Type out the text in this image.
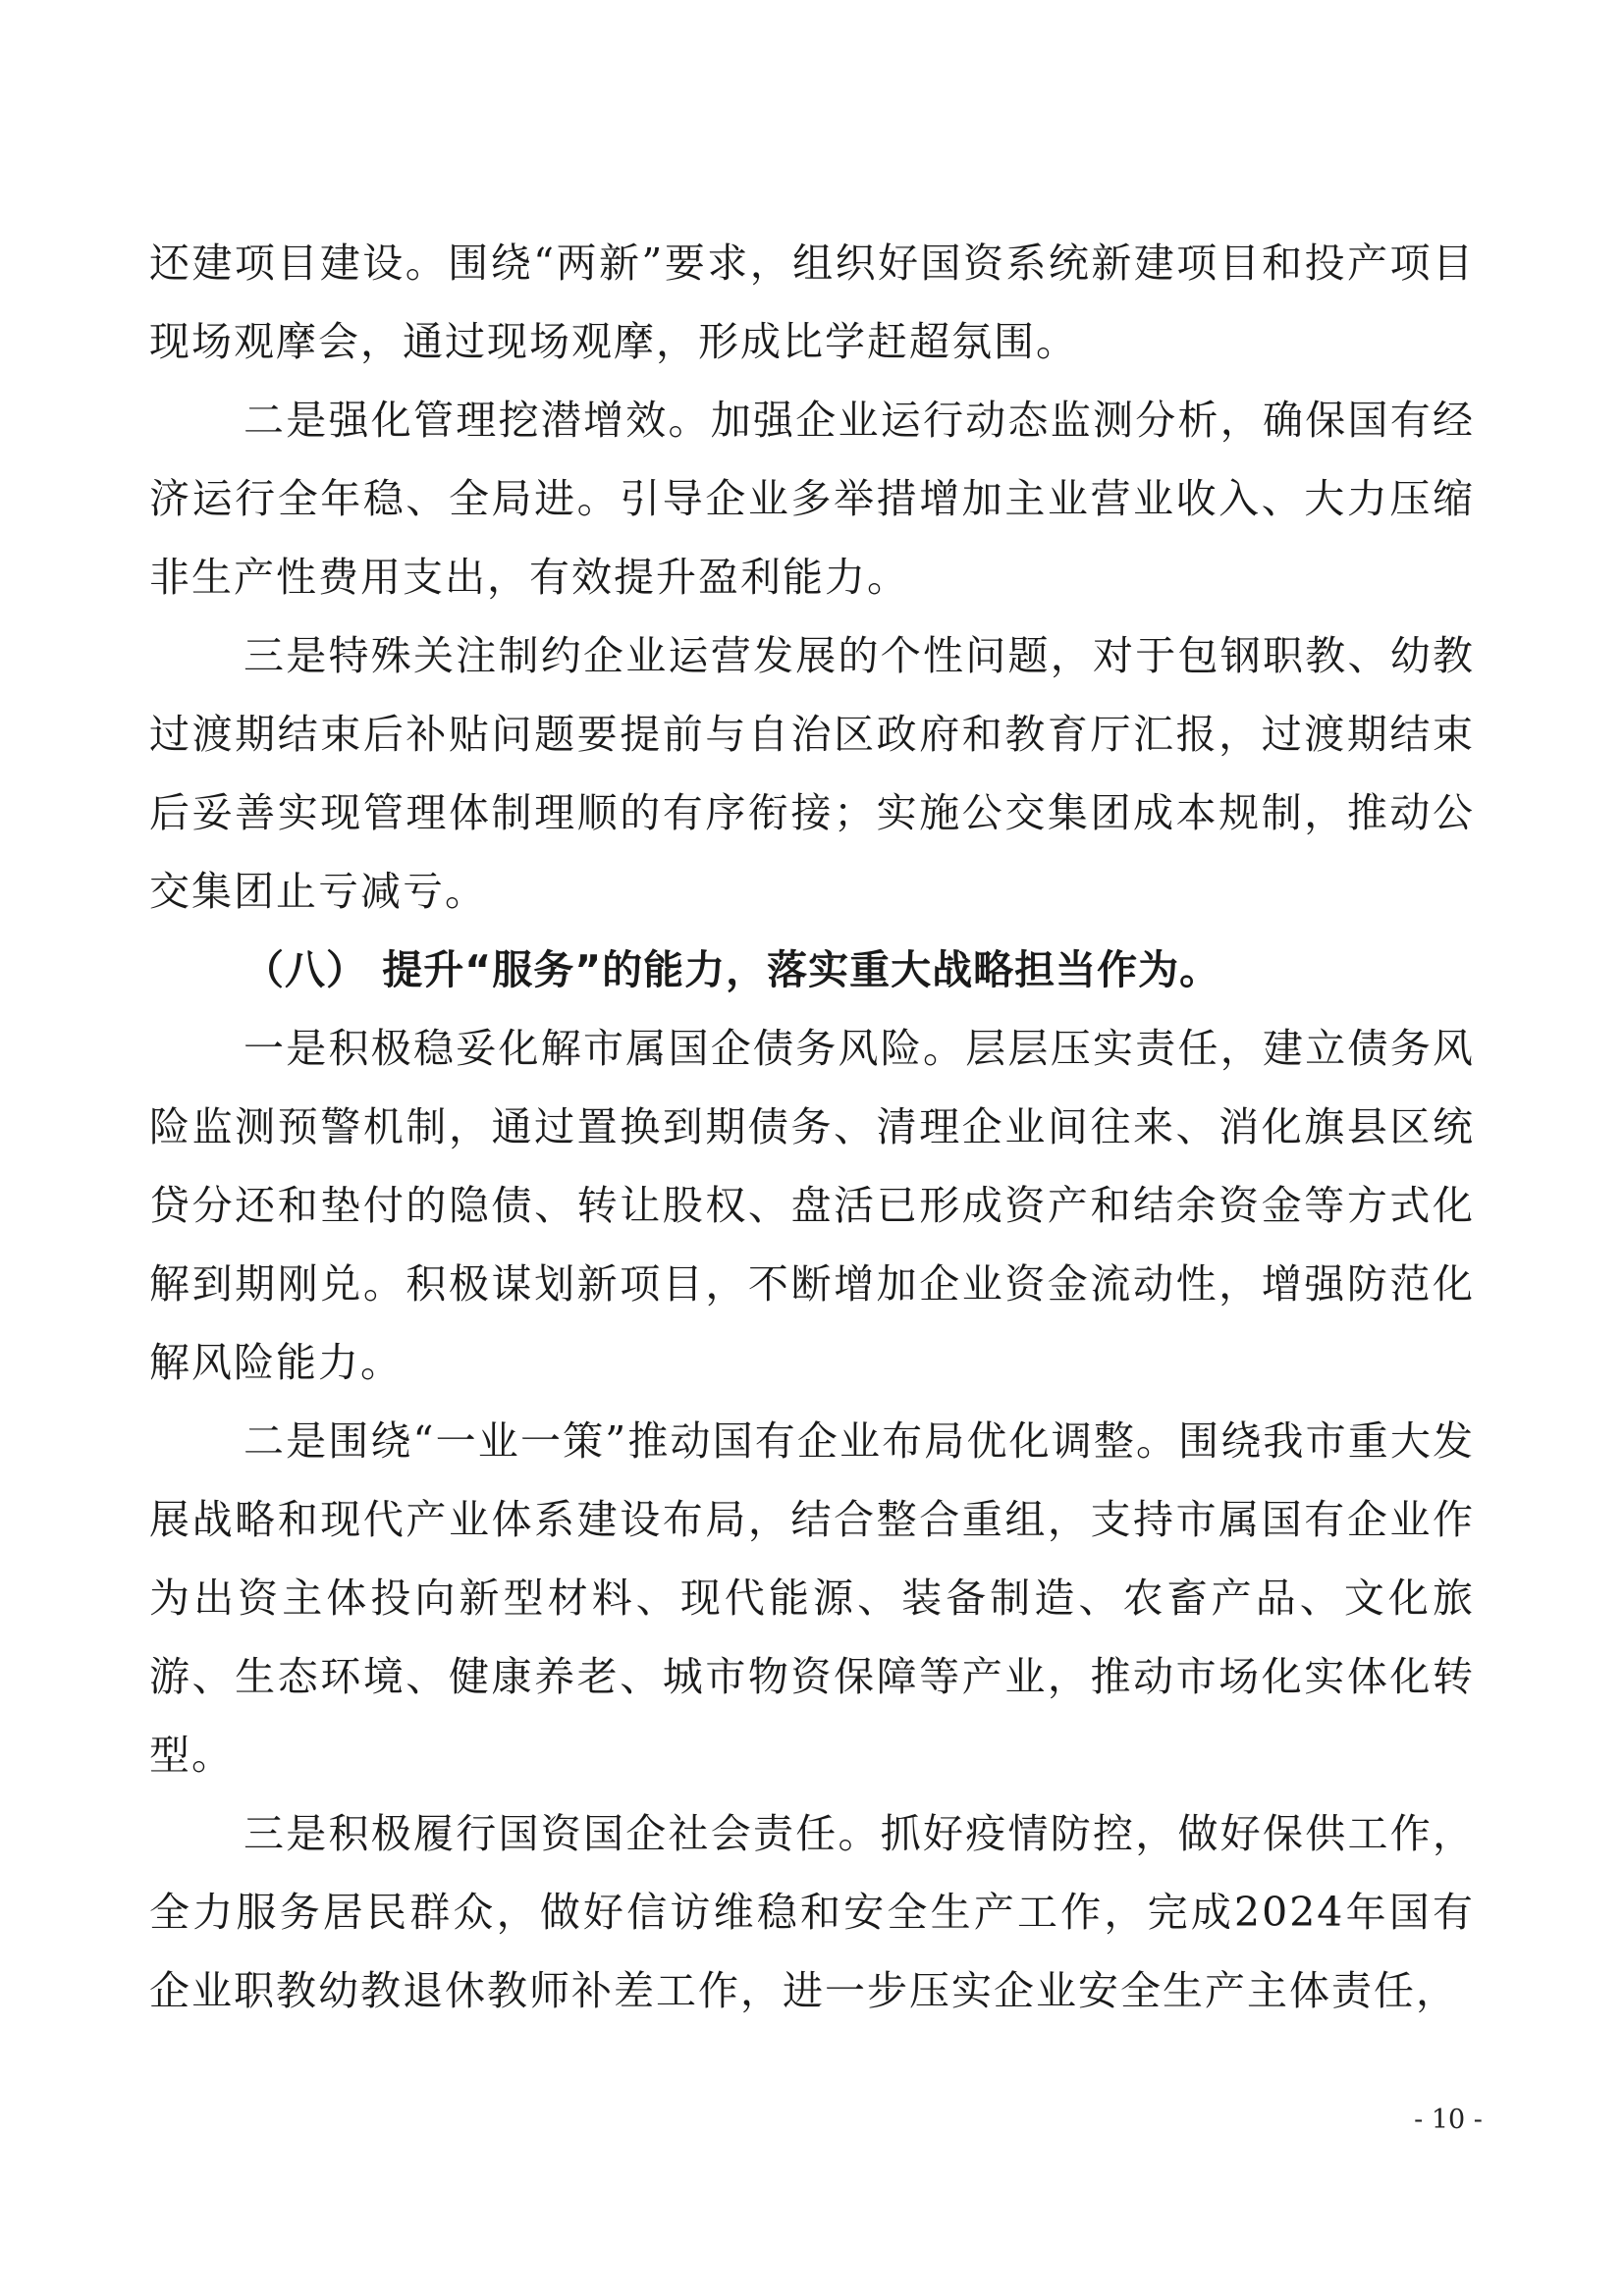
还建项目建设。围绕“两新”要求，组织好国资系统新建项目和投产项目现场观摩会，通过现场观摩，形成比学赶超氛围。

二是强化管理挖潜增效。加强企业运行动态监测分析，确保国有经济运行全年稳、全局进。引导企业多举措增加主业营业收入、大力压缩非生产性费用支出，有效提升盈利能力。

三是特殊关注制约企业运营发展的个性问题，对于包钢职教、幼教过渡期结束后补贴问题要提前与自治区政府和教育厅汇报，过渡期结束后妥善实现管理体制理顺的有序衔接；实施公交集团成本规制，推动公交集团止亏减亏。

（八） 提升“服务”的能力，落实重大战略担当作为。

一是积极稳妥化解市属国企债务风险。层层压实责任，建立债务风险监测预警机制，通过置换到期债务、清理企业间往来、消化旗县区统贷分还和垫付的隐债、转让股权、盘活已形成资产和结余资金等方式化解到期刚兑。积极谋划新项目，不断增加企业资金流动性，增强防范化解风险能力。

二是围绕“一业一策”推动国有企业布局优化调整。围绕我市重大发展战略和现代产业体系建设布局，结合整合重组，支持市属国有企业作为出资主体投向新型材料、现代能源、装备制造、农畜产品、文化旅游、生态环境、健康养老、城市物资保障等产业，推动市场化实体化转型。

三是积极履行国资国企社会责任。抓好疫情防控，做好保供工作，全力服务居民群众，做好信访维稳和安全生产工作，完成2024年国有企业职教幼教退休教师补差工作，进一步压实企业安全生产主体责任，

- 10 -
